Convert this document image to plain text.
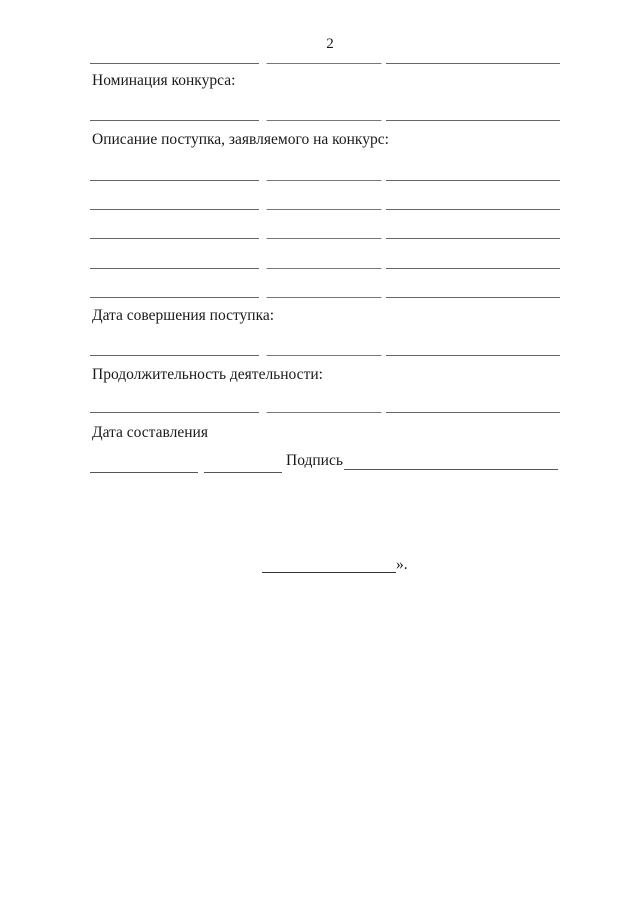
2
Номинация конкурса:
Описание поступка, заявляемого на конкурс:
Дата совершения поступка:
Продолжительность деятельности:
Дата составления
Подпись
».
